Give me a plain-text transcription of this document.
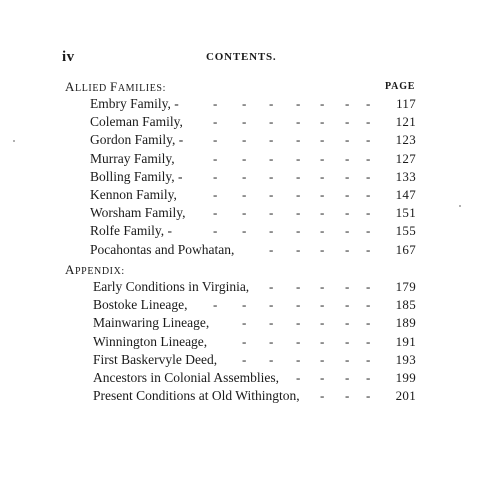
iv	CONTENTS.
PAGE
ALLIED FAMILIES:
APPENDIX:
Embry Family, -	- - - - - - -	117
Coleman Family, - - - - - - -	121
Gordon Family, - - - - - - - -	123
Murray Family,	- - - - - - -	127
Bolling Family, - - - - - - - -	133
Kennon Family,	- - - - - - -	147
Worsham Family, - - - - - - -	151
Rolfe Family, -	- - - - - - -	155
Pocahontas and Powhatan,	- - - - -	167
Early Conditions in Virginia, - - - - -	179
Bostoke Lineage, - - - - - - -	185
Mainwaring Lineage,	- - - - - -	189
Winnington Lineage,	- - - - - -	191
First Baskervyle Deed, - - - - - -	193
Ancestors in Colonial Assemblies, - - - -	199
Present Conditions at Old Withington, - - -	201
